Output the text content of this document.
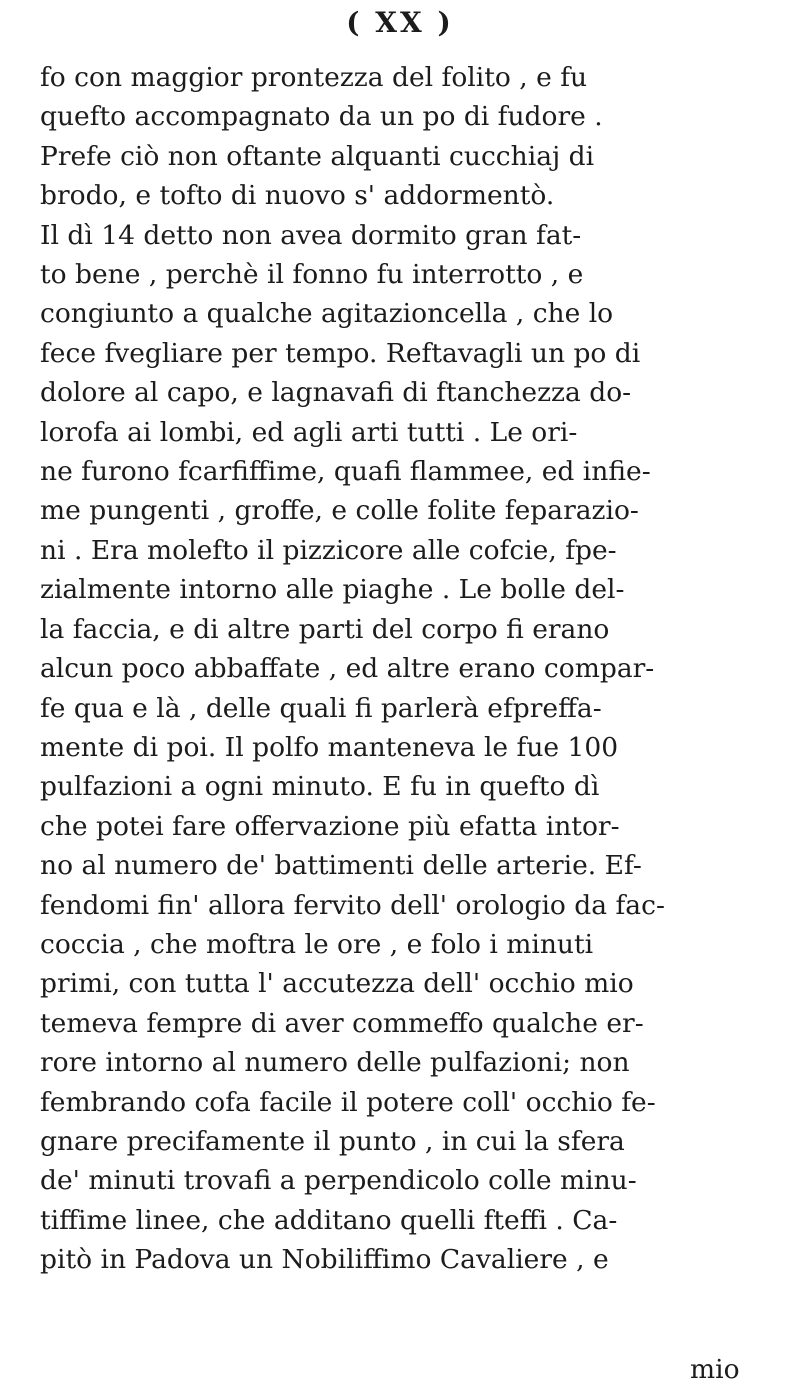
( XX )
fo con maggior prontezza del folito , e fu
quefto accompagnato da un po di fudore .
Prefe ciò non oftante alquanti cucchiaj di
brodo, e tofto di nuovo s' addormentò.
Il dì 14 detto non avea dormito gran fat-
to bene , perchè il fonno fu interrotto , e
congiunto a qualche agitazioncella , che lo
fece fvegliare per tempo. Reftavagli un po di
dolore al capo, e lagnavafi di ftanchezza do-
lorofa ai lombi, ed agli arti tutti . Le ori-
ne furono fcarfiffime, quafi flammee, ed infie-
me pungenti , groffe, e colle folite feparazio-
ni . Era molefto il pizzicore alle cofcie, fpe-
zialmente intorno alle piaghe . Le bolle del-
la faccia, e di altre parti del corpo fi erano
alcun poco abbaffate , ed altre erano compar-
fe qua e là , delle quali fi parlerà efpreffa-
mente di poi. Il polfo manteneva le fue 100
pulfazioni a ogni minuto. E fu in quefto dì
che potei fare offervazione più efatta intor-
no al numero de' battimenti delle arterie. Ef-
fendomi fin' allora fervito dell' orologio da fac-
coccia , che moftra le ore , e folo i minuti
primi, con tutta l' accutezza dell' occhio mio
temeva fempre di aver commeffo qualche er-
rore intorno al numero delle pulfazioni; non
fembrando cofa facile il potere coll' occhio fe-
gnare precifamente il punto , in cui la sfera
de' minuti trovafi a perpendicolo colle minu-
tiffime linee, che additano quelli fteffi . Ca-
pitò in Padova un Nobiliffimo Cavaliere , e
mio
